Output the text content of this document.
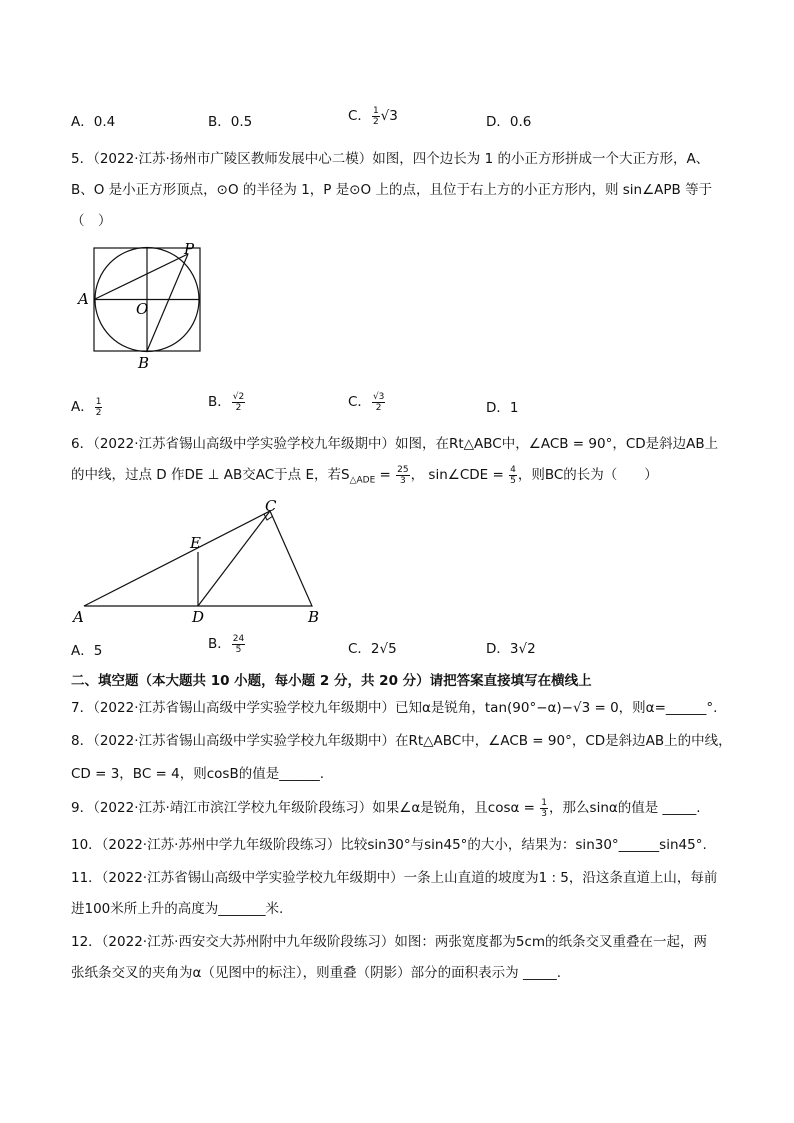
A．0.4	B．0.5	C． $\frac{1}{2} √3$	D．0.6
5．（2022·江苏·扬州市广陵区教师发展中心二模）如图，四个边长为 1 的小正方形拼成一个大正方形，A、
B、O 是小正方形顶点，⊙O 的半径为 1，P 是⊙O 上的点，且位于右上方的小正方形内，则 sin∠APB 等于
（　）
A
O
P
B
A． $\frac{1}{2}$	B． $\frac{√2}{2}$	C． $\frac{√3}{2}$	D．1
6．（2022·江苏省锡山高级中学实验学校九年级期中）如图，在Rt△ABC中，∠ACB = 90°，CD是斜边AB上
的中线，过点 D 作DE ⊥ AB交AC于点 E，若$S_{\triangle ADE} = \frac{25}{3}$ ， sin∠CDE = $\frac{4}{5}$ ，则BC的长为（　　）
A	D	B
C
E
A．5	B． $\frac{24}{5}$	C．2√5	D．3√2
二、填空题（本大题共 10 小题，每小题 2 分，共 20 分）请把答案直接填写在横线上
7．（2022·江苏省锡山高级中学实验学校九年级期中）已知α是锐角，tan(90°−α)−√3 = 0，则α=______°.
8．（2022·江苏省锡山高级中学实验学校九年级期中）在Rt△ABC中，∠ACB = 90°，CD是斜边AB上的中线，
CD = 3，BC = 4，则cosB的值是______.
9．（2022·江苏·靖江市滨江学校九年级阶段练习）如果∠α是锐角，且$\cos\alpha = \frac{1}{3}$ ，那么sinα的值是 _____.
10．（2022·江苏·苏州中学九年级阶段练习）比较sin30°与sin45°的大小，结果为：sin30°______sin45°.
11．（2022·江苏省锡山高级中学实验学校九年级期中）一条上山直道的坡度为1 : 5，沿这条直道上山，每前
进100米所上升的高度为_______米.
12．（2022·江苏·西安交大苏州附中九年级阶段练习）如图：两张宽度都为5cm的纸条交叉重叠在一起，两
张纸条交叉的夹角为α（见图中的标注），则重叠（阴影）部分的面积表示为 _____.
